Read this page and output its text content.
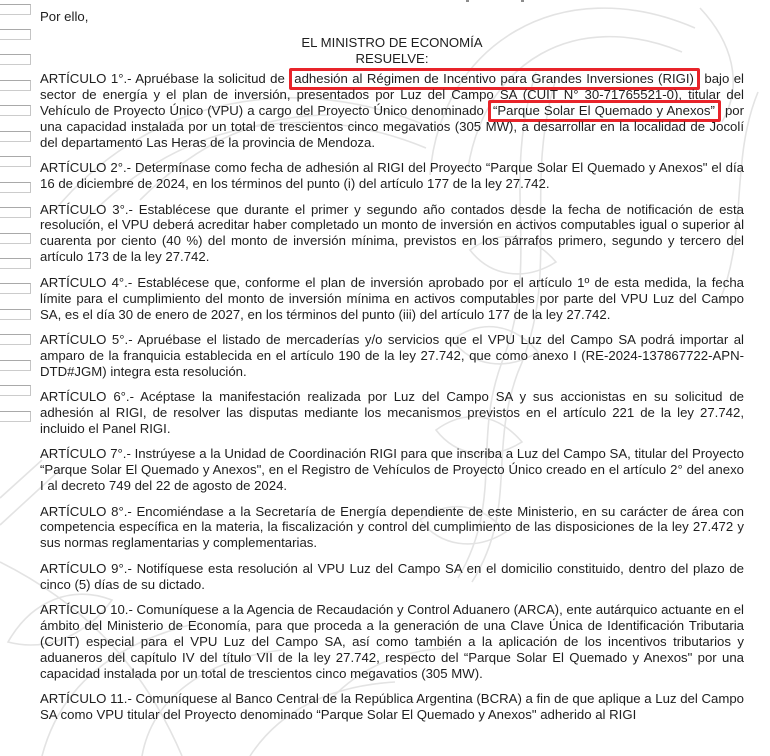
Por ello,

EL MINISTRO DE ECONOMÍA

RESUELVE:

ARTÍCULO 1°.- Apruébase la solicitud de adhesión al Régimen de Incentivo para Grandes Inversiones (RIGI) bajo el sector de energía y el plan de inversión, presentados por Luz del Campo SA (CUIT N° 30-71765521-0), titular del Vehículo de Proyecto Único (VPU) a cargo del Proyecto Único denominado “Parque Solar El Quemado y Anexos” por una capacidad instalada por un total de trescientos cinco megavatios (305 MW), a desarrollar en la localidad de Jocolí del departamento Las Heras de la provincia de Mendoza.

ARTÍCULO 2°.- Determínase como fecha de adhesión al RIGI del Proyecto “Parque Solar El Quemado y Anexos" el día 16 de diciembre de 2024, en los términos del punto (i) del artículo 177 de la ley 27.742.

ARTÍCULO 3°.- Establécese que durante el primer y segundo año contados desde la fecha de notificación de esta resolución, el VPU deberá acreditar haber completado un monto de inversión en activos computables igual o superior al cuarenta por ciento (40 %) del monto de inversión mínima, previstos en los párrafos primero, segundo y tercero del artículo 173 de la ley 27.742.

ARTÍCULO 4°.- Establécese que, conforme el plan de inversión aprobado por el artículo 1º de esta medida, la fecha límite para el cumplimiento del monto de inversión mínima en activos computables por parte del VPU Luz del Campo SA, es el día 30 de enero de 2027, en los términos del punto (iii) del artículo 177 de la ley 27.742.

ARTÍCULO 5°.- Apruébase el listado de mercaderías y/o servicios que el VPU Luz del Campo SA podrá importar al amparo de la franquicia establecida en el artículo 190 de la ley 27.742, que como anexo I (RE-2024-137867722-APN-DTD#JGM) integra esta resolución.

ARTÍCULO 6°.- Acéptase la manifestación realizada por Luz del Campo SA y sus accionistas en su solicitud de adhesión al RIGI, de resolver las disputas mediante los mecanismos previstos en el artículo 221 de la ley 27.742, incluido el Panel RIGI.

ARTÍCULO 7°.- Instrúyese a la Unidad de Coordinación RIGI para que inscriba a Luz del Campo SA, titular del Proyecto “Parque Solar El Quemado y Anexos", en el Registro de Vehículos de Proyecto Único creado en el artículo 2° del anexo I al decreto 749 del 22 de agosto de 2024.

ARTÍCULO 8°.- Encomiéndase a la Secretaría de Energía dependiente de este Ministerio, en su carácter de área con competencia específica en la materia, la fiscalización y control del cumplimiento de las disposiciones de la ley 27.472 y sus normas reglamentarias y complementarias.

ARTÍCULO 9°.- Notifíquese esta resolución al VPU Luz del Campo SA en el domicilio constituido, dentro del plazo de cinco (5) días de su dictado.

ARTÍCULO 10.- Comuníquese a la Agencia de Recaudación y Control Aduanero (ARCA), ente autárquico actuante en el ámbito del Ministerio de Economía, para que proceda a la generación de una Clave Única de Identificación Tributaria (CUIT) especial para el VPU Luz del Campo SA, así como también a la aplicación de los incentivos tributarios y aduaneros del capítulo IV del título VII de la ley 27.742, respecto del “Parque Solar El Quemado y Anexos" por una capacidad instalada por un total de trescientos cinco megavatios (305 MW).

ARTÍCULO 11.- Comuníquese al Banco Central de la República Argentina (BCRA) a fin de que aplique a Luz del Campo SA como VPU titular del Proyecto denominado “Parque Solar El Quemado y Anexos" adherido al RIGI
